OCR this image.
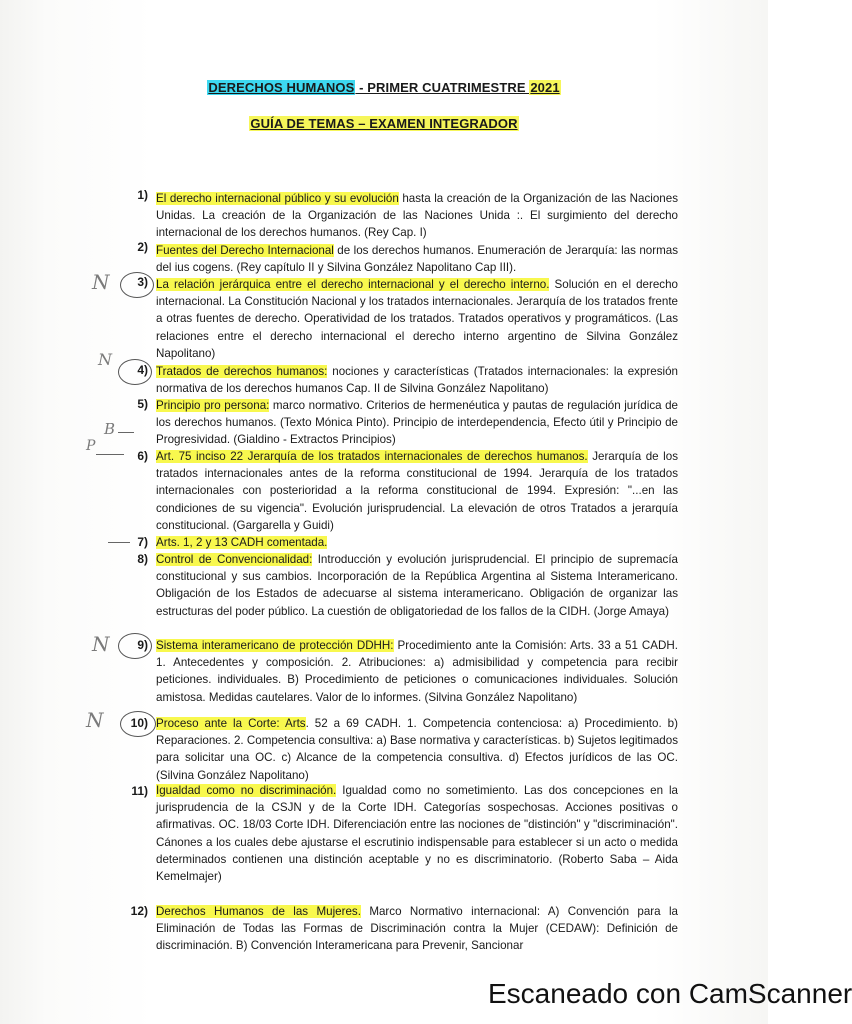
DERECHOS HUMANOS - PRIMER CUATRIMESTRE 2021
GUÍA DE TEMAS – EXAMEN INTEGRADOR
1) El derecho internacional público y su evolución hasta la creación de la Organización de las Naciones Unidas. La creación de la Organización de las Naciones Unida :. El surgimiento del derecho internacional de los derechos humanos. (Rey Cap. I)
2) Fuentes del Derecho Internacional de los derechos humanos. Enumeración de Jerarquía: las normas del ius cogens. (Rey capítulo II y Silvina González Napolitano Cap III).
3) La relación jerárquica entre el derecho internacional y el derecho interno. Solución en el derecho internacional. La Constitución Nacional y los tratados internacionales. Jerarquía de los tratados frente a otras fuentes de derecho. Operatividad de los tratados. Tratados operativos y programáticos. (Las relaciones entre el derecho internacional el derecho interno argentino de Silvina González Napolitano)
4) Tratados de derechos humanos: nociones y características (Tratados internacionales: la expresión normativa de los derechos humanos Cap. II de Silvina González Napolitano)
5) Principio pro persona: marco normativo. Criterios de hermenéutica y pautas de regulación jurídica de los derechos humanos. (Texto Mónica Pinto). Principio de interdependencia, Efecto útil y Principio de Progresividad. (Gialdino - Extractos Principios)
6) Art. 75 inciso 22 Jerarquía de los tratados internacionales de derechos humanos. Jerarquía de los tratados internacionales antes de la reforma constitucional de 1994. Jerarquía de los tratados internacionales con posterioridad a la reforma constitucional de 1994. Expresión: "...en las condiciones de su vigencia". Evolución jurisprudencial. La elevación de otros Tratados a jerarquía constitucional. (Gargarella y Guidi)
7) Arts. 1, 2 y 13 CADH comentada.
8) Control de Convencionalidad: Introducción y evolución jurisprudencial. El principio de supremacía constitucional y sus cambios. Incorporación de la República Argentina al Sistema Interamericano. Obligación de los Estados de adecuarse al sistema interamericano. Obligación de organizar las estructuras del poder público. La cuestión de obligatoriedad de los fallos de la CIDH. (Jorge Amaya)
9) Sistema interamericano de protección DDHH: Procedimiento ante la Comisión: Arts. 33 a 51 CADH. 1. Antecedentes y composición. 2. Atribuciones: a) admisibilidad y competencia para recibir peticiones. individuales. B) Procedimiento de peticiones o comunicaciones individuales. Solución amistosa. Medidas cautelares. Valor de lo informes. (Silvina González Napolitano)
10) Proceso ante la Corte: Arts. 52 a 69 CADH. 1. Competencia contenciosa: a) Procedimiento. b) Reparaciones. 2. Competencia consultiva: a) Base normativa y características. b) Sujetos legitimados para solicitar una OC. c) Alcance de la competencia consultiva. d) Efectos jurídicos de las OC. (Silvina González Napolitano)
11) Igualdad como no discriminación. Igualdad como no sometimiento. Las dos concepciones en la jurisprudencia de la CSJN y de la Corte IDH. Categorías sospechosas. Acciones positivas o afirmativas. OC. 18/03 Corte IDH. Diferenciación entre las nociones de "distinción" y "discriminación". Cánones a los cuales debe ajustarse el escrutinio indispensable para establecer si un acto o medida determinados contienen una distinción aceptable y no es discriminatorio. (Roberto Saba – Aida Kemelmajer)
12) Derechos Humanos de las Mujeres. Marco Normativo internacional: A) Convención para la Eliminación de Todas las Formas de Discriminación contra la Mujer (CEDAW): Definición de discriminación. B) Convención Interamericana para Prevenir, Sancionar
N
N
B
P
N
N
Escaneado con CamScanner
